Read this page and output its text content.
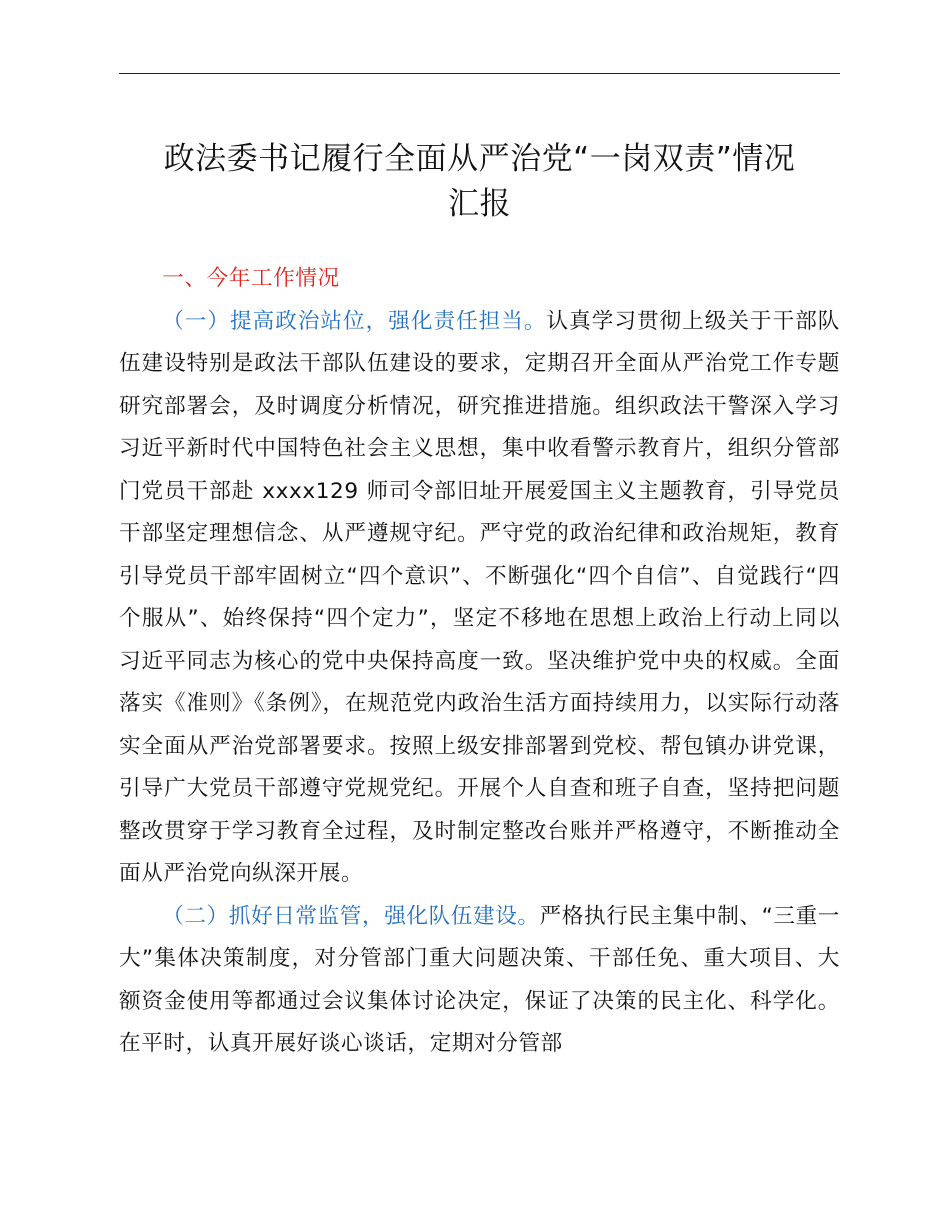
政法委书记履行全面从严治党“一岗双责”情况
汇报

一、今年工作情况

（一）提高政治站位，强化责任担当。认真学习贯彻上级关于干部队伍建设特别是政法干部队伍建设的要求，定期召开全面从严治党工作专题研究部署会，及时调度分析情况，研究推进措施。组织政法干警深入学习习近平新时代中国特色社会主义思想，集中收看警示教育片，组织分管部门党员干部赴 xxxx129 师司令部旧址开展爱国主义主题教育，引导党员干部坚定理想信念、从严遵规守纪。严守党的政治纪律和政治规矩，教育引导党员干部牢固树立“四个意识”、不断强化“四个自信”、自觉践行“四个服从”、始终保持“四个定力”，坚定不移地在思想上政治上行动上同以习近平同志为核心的党中央保持高度一致。坚决维护党中央的权威。全面落实《准则》《条例》，在规范党内政治生活方面持续用力，以实际行动落实全面从严治党部署要求。按照上级安排部署到党校、帮包镇办讲党课，引导广大党员干部遵守党规党纪。开展个人自查和班子自查，坚持把问题整改贯穿于学习教育全过程，及时制定整改台账并严格遵守，不断推动全面从严治党向纵深开展。

（二）抓好日常监管，强化队伍建设。严格执行民主集中制、“三重一大”集体决策制度，对分管部门重大问题决策、干部任免、重大项目、大额资金使用等都通过会议集体讨论决定，保证了决策的民主化、科学化。在平时，认真开展好谈心谈话，定期对分管部
